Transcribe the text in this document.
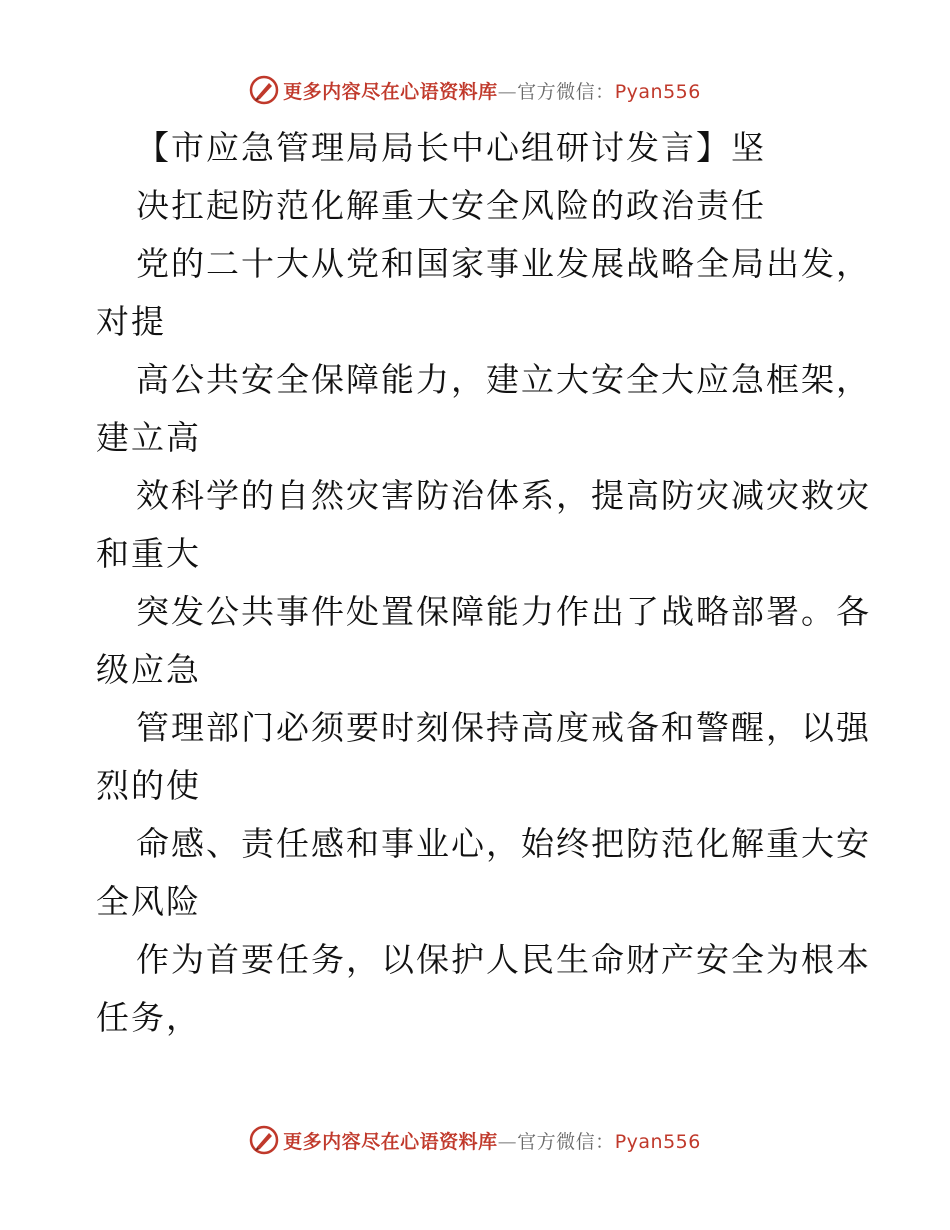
更多内容尽在心语资料库—官方微信：Pyan556
【市应急管理局局长中心组研讨发言】坚
决扛起防范化解重大安全风险的政治责任
党的二十大从党和国家事业发展战略全局出发，
对提
高公共安全保障能力，建立大安全大应急框架，
建立高
效科学的自然灾害防治体系，提高防灾减灾救灾
和重大
突发公共事件处置保障能力作出了战略部署。各
级应急
管理部门必须要时刻保持高度戒备和警醒，以强
烈的使
命感、责任感和事业心，始终把防范化解重大安
全风险
作为首要任务，以保护人民生命财产安全为根本
任务，
更多内容尽在心语资料库—官方微信：Pyan556
